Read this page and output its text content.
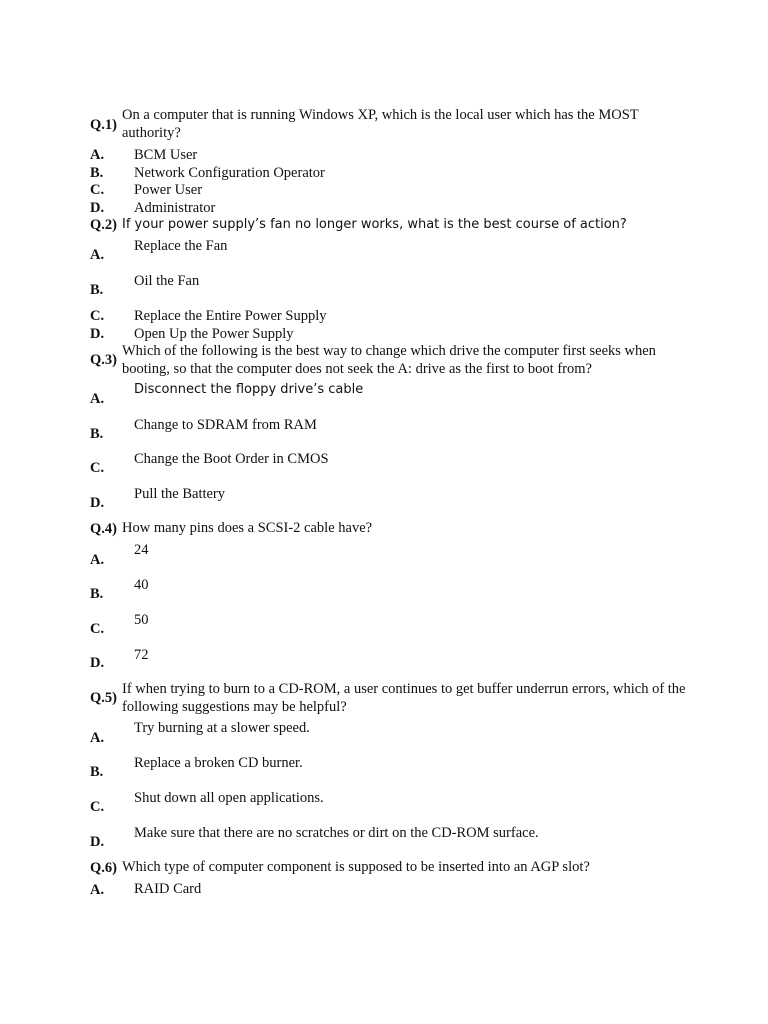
Q.1)
On a computer that is running Windows XP, which is the local user which has the MOST authority?
A. BCM User
B. Network Configuration Operator
C. Power User
D. Administrator
Q.2) If your power supply’s fan no longer works, what is the best course of action?
A.
Replace the Fan
B.
Oil the Fan
C. Replace the Entire Power Supply
D. Open Up the Power Supply
Q.3)
Which of the following is the best way to change which drive the computer first seeks when booting, so that the computer does not seek the A: drive as the first to boot from?
A.
Disconnect the floppy drive’s cable
B.
Change to SDRAM from RAM
C.
Change the Boot Order in CMOS
D.
Pull the Battery
Q.4) How many pins does a SCSI-2 cable have?
A.
24
B.
40
C.
50
D. 72
Q.5)
If when trying to burn to a CD-ROM, a user continues to get buffer underrun errors, which of the following suggestions may be helpful?
A.
Try burning at a slower speed.
B.
Replace a broken CD burner.
C.
Shut down all open applications.
D.
Make sure that there are no scratches or dirt on the CD-ROM surface.
Q.6) Which type of computer component is supposed to be inserted into an AGP slot?
A. RAID Card
